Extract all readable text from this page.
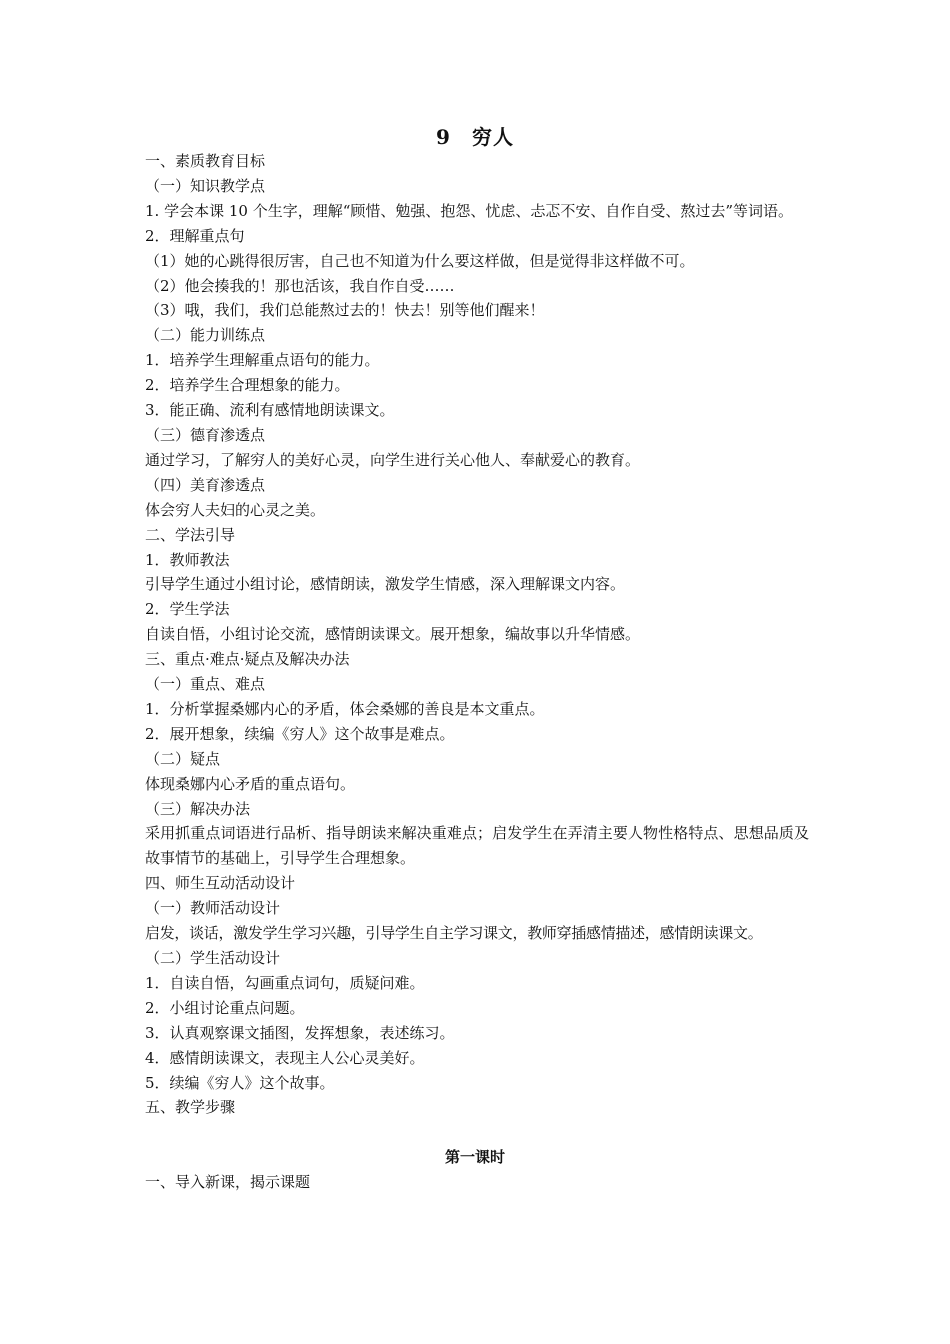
9　穷人
一、素质教育目标
（一）知识教学点
1. 学会本课 10 个生字，理解“顾惜、勉强、抱怨、忧虑、忐忑不安、自作自受、熬过去”等词语。
2．理解重点句
（1）她的心跳得很厉害，自己也不知道为什么要这样做，但是觉得非这样做不可。
（2）他会揍我的！那也活该，我自作自受……
（3）哦，我们，我们总能熬过去的！快去！别等他们醒来！
（二）能力训练点
1．培养学生理解重点语句的能力。
2．培养学生合理想象的能力。
3．能正确、流利有感情地朗读课文。
（三）德育渗透点
通过学习，了解穷人的美好心灵，向学生进行关心他人、奉献爱心的教育。
（四）美育渗透点
体会穷人夫妇的心灵之美。
二、学法引导
1．教师教法
引导学生通过小组讨论，感情朗读，激发学生情感，深入理解课文内容。
2．学生学法
自读自悟，小组讨论交流，感情朗读课文。展开想象，编故事以升华情感。
三、重点·难点·疑点及解决办法
（一）重点、难点
1．分析掌握桑娜内心的矛盾，体会桑娜的善良是本文重点。
2．展开想象，续编《穷人》这个故事是难点。
（二）疑点
体现桑娜内心矛盾的重点语句。
（三）解决办法
采用抓重点词语进行品析、指导朗读来解决重难点；启发学生在弄清主要人物性格特点、思想品质及故事情节的基础上，引导学生合理想象。
四、师生互动活动设计
（一）教师活动设计
启发，谈话，激发学生学习兴趣，引导学生自主学习课文，教师穿插感情描述，感情朗读课文。
（二）学生活动设计
1．自读自悟，勾画重点词句，质疑问难。
2．小组讨论重点问题。
3．认真观察课文插图，发挥想象，表述练习。
4．感情朗读课文，表现主人公心灵美好。
5．续编《穷人》这个故事。
五、教学步骤
第一课时
一、导入新课，揭示课题
